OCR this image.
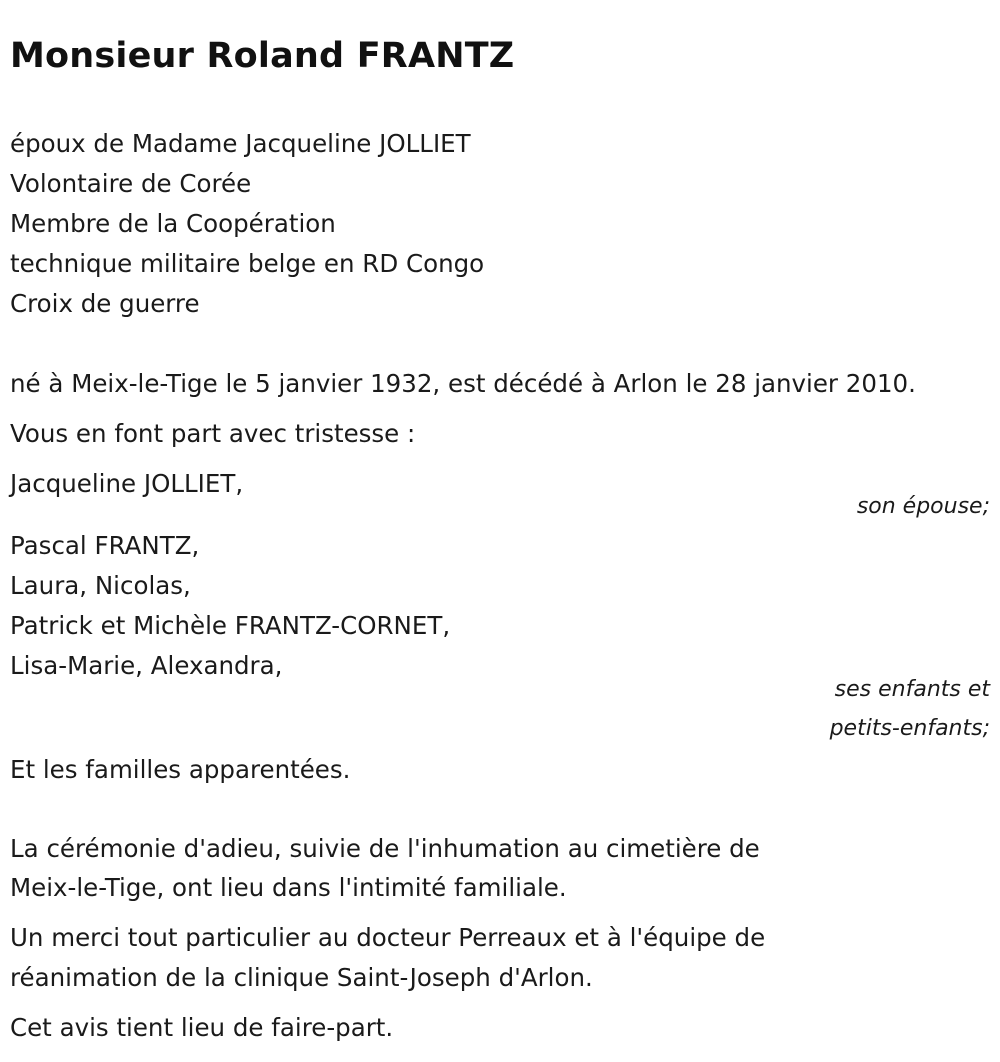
Monsieur Roland FRANTZ

époux de Madame Jacqueline JOLLIET

Volontaire de Corée

Membre de la Coopération

technique militaire belge en RD Congo

Croix de guerre

né à Meix-le-Tige le 5 janvier 1932, est décédé à Arlon le 28 janvier 2010.

Vous en font part avec tristesse :

Jacqueline JOLLIET,

son épouse;

Pascal FRANTZ,

Laura, Nicolas,

Patrick et Michèle FRANTZ-CORNET,

Lisa-Marie, Alexandra,

ses enfants et

petits-enfants;

Et les familles apparentées.

La cérémonie d'adieu, suivie de l'inhumation au cimetière de

Meix-le-Tige, ont lieu dans l'intimité familiale.

Un merci tout particulier au docteur Perreaux et à l'équipe de

réanimation de la clinique Saint-Joseph d'Arlon.

Cet avis tient lieu de faire-part.
